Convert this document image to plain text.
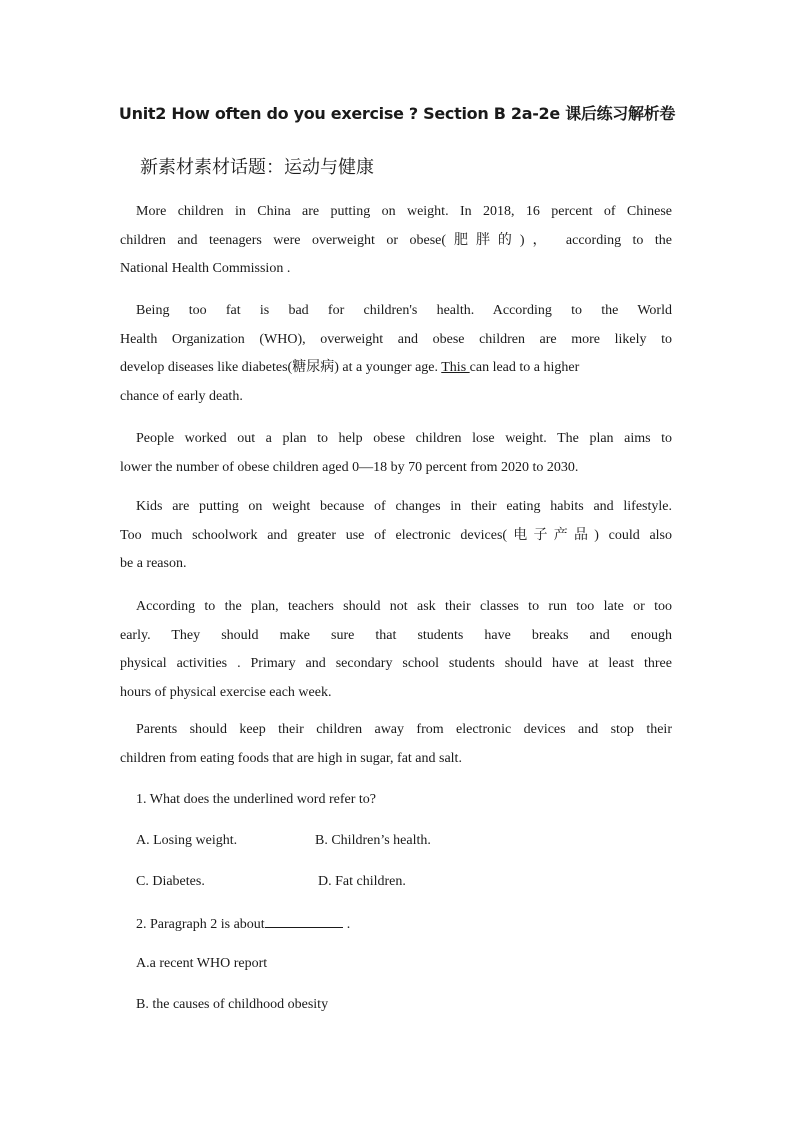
Unit2 How often do you exercise ? Section B 2a-2e 课后练习解析卷
新素材素材话题：运动与健康
More children in China are putting on weight. In 2018, 16 percent of Chinese
children and teenagers were overweight or obese(肥胖的)， according to the
National Health Commission .
Being too fat is bad for children's health. According to the World
Health Organization (WHO), overweight and obese children are more likely to
develop diseases like diabetes(糖尿病) at a younger age. This can lead to a higher
chance of early death.
People worked out a plan to help obese children lose weight. The plan aims to
lower the number of obese children aged 0—18 by 70 percent from 2020 to 2030.
Kids are putting on weight because of changes in their eating habits and lifestyle.
Too much schoolwork and greater use of electronic devices(电子产品) could also
be a reason.
According to the plan, teachers should not ask their classes to run too late or too
early. They should make sure that students have breaks and enough
physical activities . Primary and secondary school students should have at least three
hours of physical exercise each week.
Parents should keep their children away from electronic devices and stop their
children from eating foods that are high in sugar, fat and salt.
1. What does the underlined word refer to?
A. Losing weight.	B. Children’s health.
C. Diabetes.	D. Fat children.
2. Paragraph 2 is about	.
A.a recent WHO report
B. the causes of childhood obesity
